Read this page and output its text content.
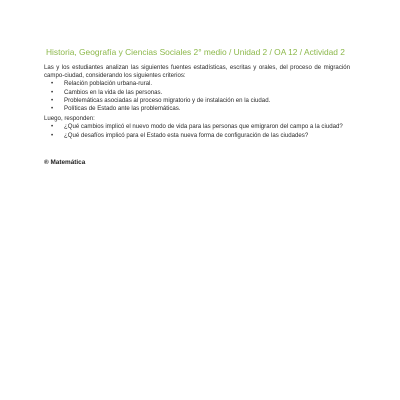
Historia, Geografía y Ciencias Sociales 2° medio / Unidad 2 / OA 12 / Actividad 2

Las y los estudiantes analizan las siguientes fuentes estadísticas, escritas y orales, del proceso de migración campo-ciudad, considerando los siguientes criterios:

• Relación población urbana-rural.
• Cambios en la vida de las personas.
• Problemáticas asociadas al proceso migratorio y de instalación en la ciudad.
• Políticas de Estado ante las problemáticas.

Luego, responden:

• ¿Qué cambios implicó el nuevo modo de vida para las personas que emigraron del campo a la ciudad?
• ¿Qué desafíos implicó para el Estado esta nueva forma de configuración de las ciudades?
® Matemática
